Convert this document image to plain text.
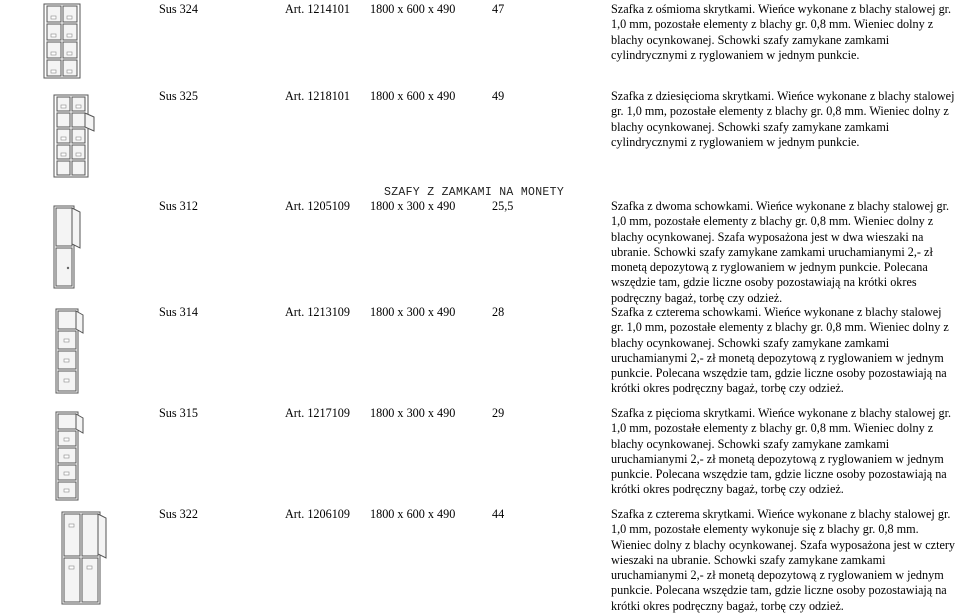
Sus 324	Art. 1214101 1800 x 600 x 490	47	Szafka z ośmioma skrytkami. Wieńce wykonane z blachy stalowej gr. 1,0 mm, pozostałe elementy z blachy gr. 0,8 mm. Wieniec dolny z blachy ocynkowanej. Schowki szafy zamykane zamkami cylindrycznymi z ryglowaniem w jednym punkcie.
Sus 325	Art. 1218101 1800 x 600 x 490	49	Szafka z dziesięcioma skrytkami. Wieńce wykonane z blachy stalowej gr. 1,0 mm, pozostałe elementy z blachy gr. 0,8 mm. Wieniec dolny z blachy ocynkowanej. Schowki szafy zamykane zamkami cylindrycznymi z ryglowaniem w jednym punkcie.
SZAFY Z ZAMKAMI NA MONETY
Sus 312	Art. 1205109 1800 x 300 x 490	25,5	Szafka z dwoma schowkami. Wieńce wykonane z blachy stalowej gr. 1,0 mm, pozostałe elementy z blachy gr. 0,8 mm. Wieniec dolny z blachy ocynkowanej. Szafa wyposażona jest w dwa wieszaki na ubranie. Schowki szafy zamykane zamkami uruchamianymi 2,- zł monetą depozytową z ryglowaniem w jednym punkcie. Polecana wszędzie tam, gdzie liczne osoby pozostawiają na krótki okres podręczny bagaż, torbę czy odzież.
Sus 314	Art. 1213109 1800 x 300 x 490	28	Szafka z czterema schowkami. Wieńce wykonane z blachy stalowej gr. 1,0 mm, pozostałe elementy z blachy gr. 0,8 mm. Wieniec dolny z blachy ocynkowanej. Schowki szafy zamykane zamkami uruchamianymi 2,- zł monetą depozytową z ryglowaniem w jednym punkcie. Polecana wszędzie tam, gdzie liczne osoby pozostawiają na krótki okres podręczny bagaż, torbę czy odzież.
Sus 315	Art. 1217109 1800 x 300 x 490	29	Szafka z pięcioma skrytkami. Wieńce wykonane z blachy stalowej gr. 1,0 mm, pozostałe elementy z blachy gr. 0,8 mm. Wieniec dolny z blachy ocynkowanej. Schowki szafy zamykane zamkami uruchamianymi 2,- zł monetą depozytową z ryglowaniem w jednym punkcie. Polecana wszędzie tam, gdzie liczne osoby pozostawiają na krótki okres podręczny bagaż, torbę czy odzież.
Sus 322	Art. 1206109 1800 x 600 x 490	44	Szafka z czterema skrytkami. Wieńce wykonane z blachy stalowej gr. 1,0 mm, pozostałe elementy wykonuje się z blachy gr. 0,8 mm. Wieniec dolny z blachy ocynkowanej. Szafa wyposażona jest w cztery wieszaki na ubranie. Schowki szafy zamykane zamkami uruchamianymi 2,- zł monetą depozytową z ryglowaniem w jednym punkcie. Polecana wszędzie tam, gdzie liczne osoby pozostawiają na krótki okres podręczny bagaż, torbę czy odzież.
